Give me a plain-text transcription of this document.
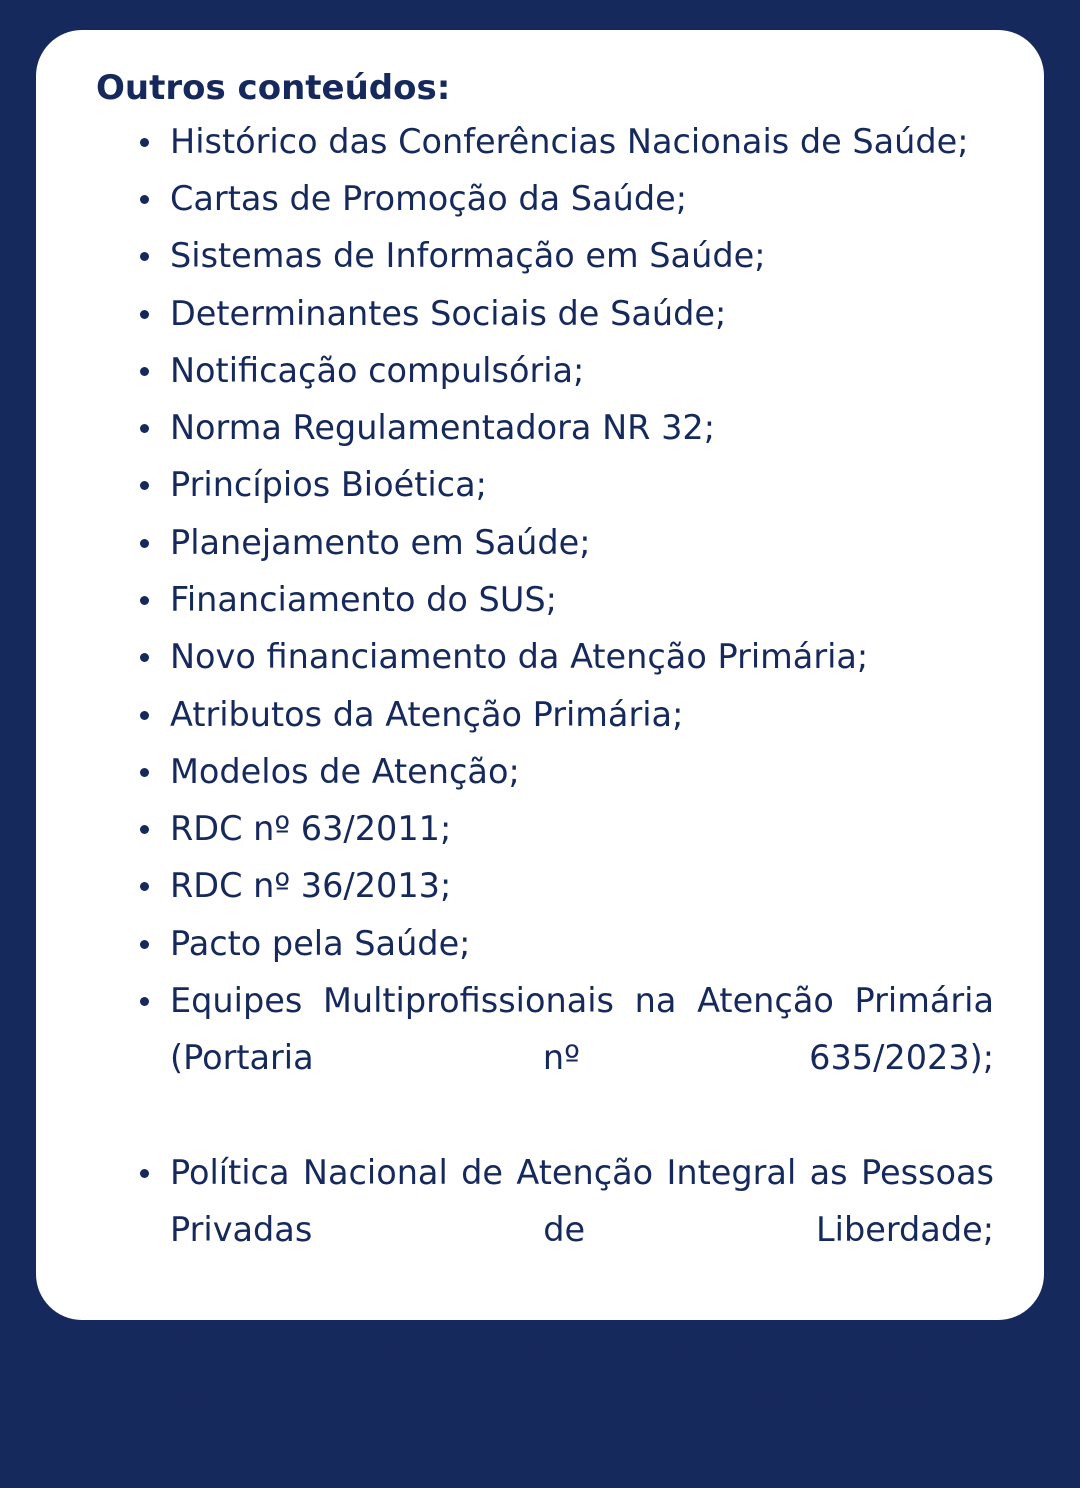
Outros conteúdos:
Histórico das Conferências Nacionais de Saúde;
Cartas de Promoção da Saúde;
Sistemas de Informação em Saúde;
Determinantes Sociais de Saúde;
Notificação compulsória;
Norma Regulamentadora NR 32;
Princípios Bioética;
Planejamento em Saúde;
Financiamento do SUS;
Novo financiamento da Atenção Primária;
Atributos da Atenção Primária;
Modelos de Atenção;
RDC nº 63/2011;
RDC nº 36/2013;
Pacto pela Saúde;
Equipes Multiprofissionais na Atenção Primária (Portaria nº 635/2023);
Política Nacional de Atenção Integral as Pessoas Privadas de Liberdade;
Política Nacional de Atenção Integral à Saúde do Povo Cigano/Romani.
